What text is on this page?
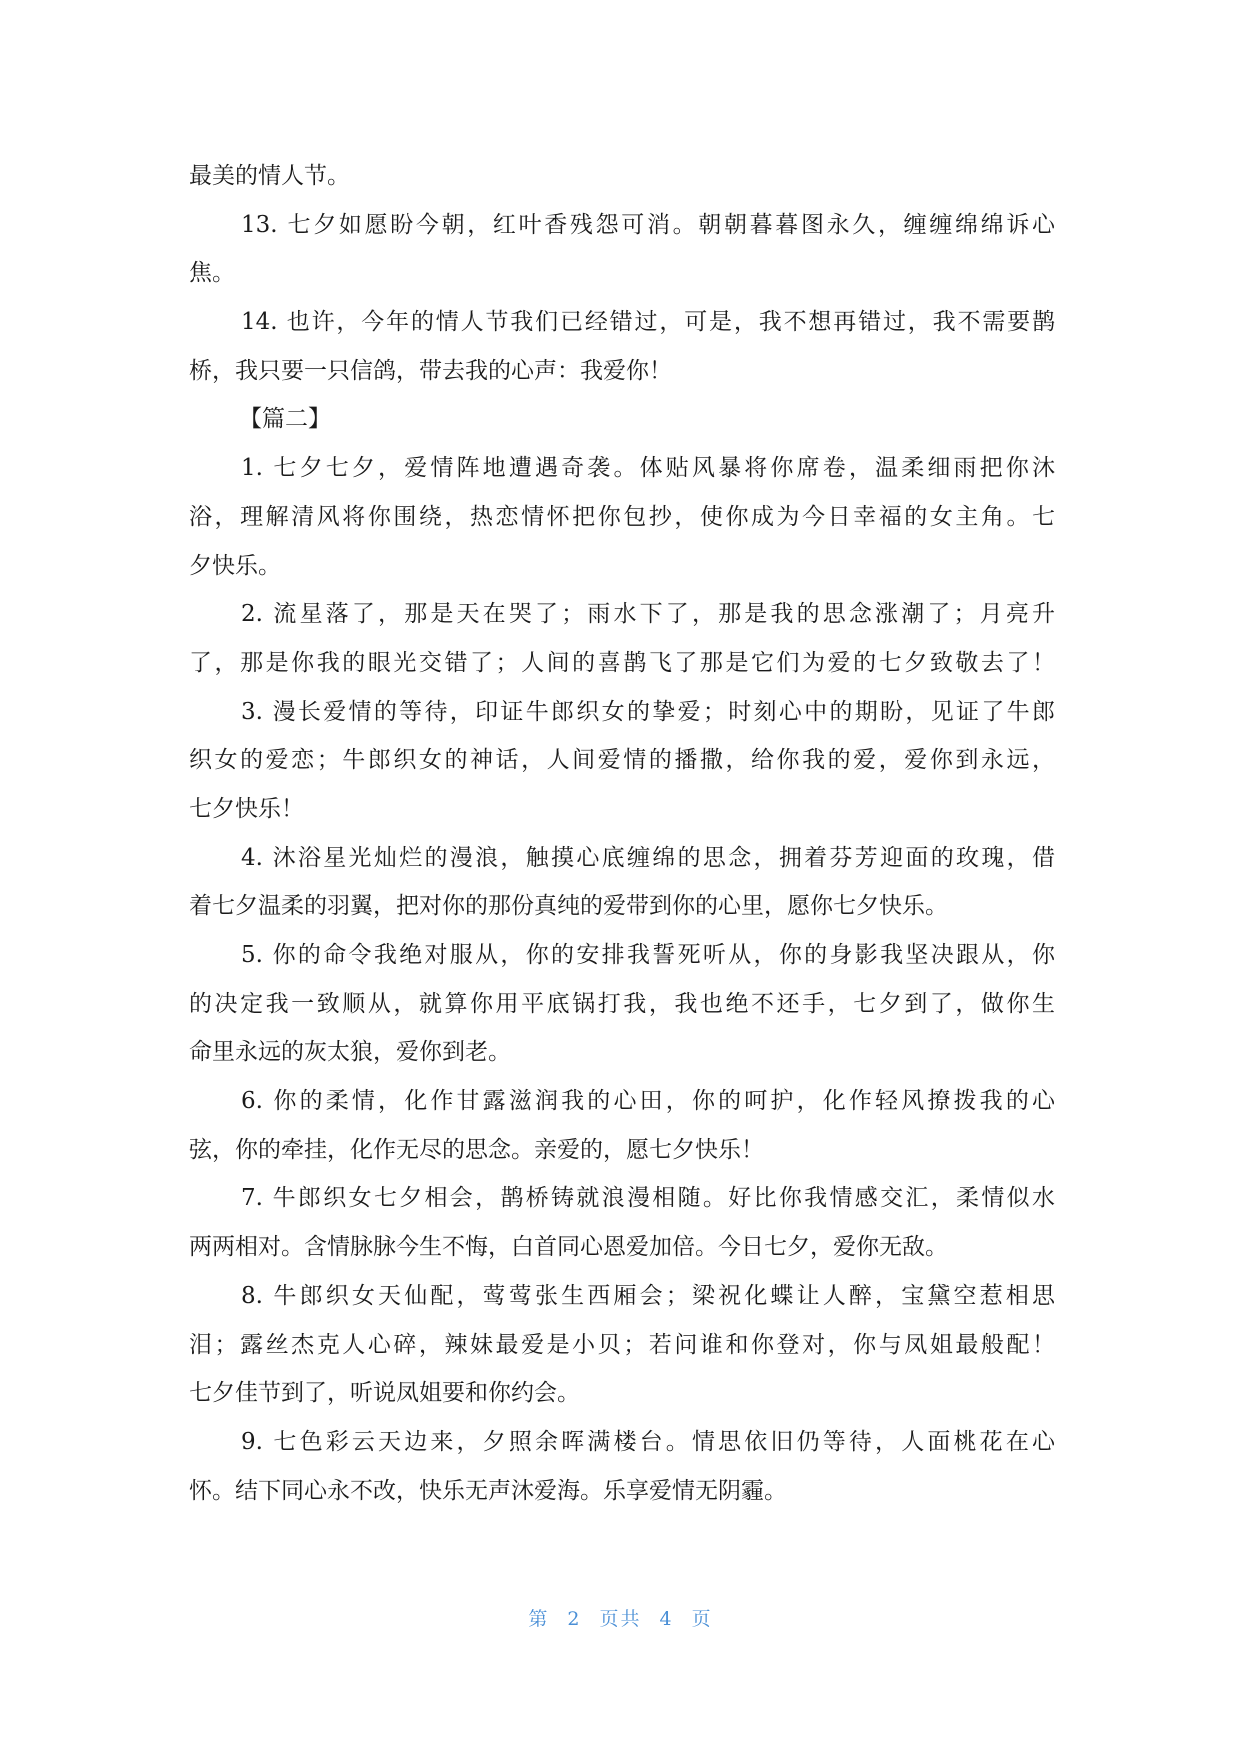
最美的情人节。
13. 七夕如愿盼今朝，红叶香残怨可消。朝朝暮暮图永久，缠缠绵绵诉心
焦。
14. 也许，今年的情人节我们已经错过，可是，我不想再错过，我不需要鹊
桥，我只要一只信鸽，带去我的心声：我爱你！
【篇二】
1. 七夕七夕，爱情阵地遭遇奇袭。体贴风暴将你席卷，温柔细雨把你沐
浴，理解清风将你围绕，热恋情怀把你包抄，使你成为今日幸福的女主角。七
夕快乐。
2. 流星落了，那是天在哭了；雨水下了，那是我的思念涨潮了；月亮升
了，那是你我的眼光交错了；人间的喜鹊飞了那是它们为爱的七夕致敬去了！
3. 漫长爱情的等待，印证牛郎织女的挚爱；时刻心中的期盼，见证了牛郎
织女的爱恋；牛郎织女的神话，人间爱情的播撒，给你我的爱，爱你到永远，
七夕快乐！
4. 沐浴星光灿烂的漫浪，触摸心底缠绵的思念，拥着芬芳迎面的玫瑰，借
着七夕温柔的羽翼，把对你的那份真纯的爱带到你的心里，愿你七夕快乐。
5. 你的命令我绝对服从，你的安排我誓死听从，你的身影我坚决跟从，你
的决定我一致顺从，就算你用平底锅打我，我也绝不还手，七夕到了，做你生
命里永远的灰太狼，爱你到老。
6. 你的柔情，化作甘露滋润我的心田，你的呵护，化作轻风撩拨我的心
弦，你的牵挂，化作无尽的思念。亲爱的，愿七夕快乐！
7. 牛郎织女七夕相会，鹊桥铸就浪漫相随。好比你我情感交汇，柔情似水
两两相对。含情脉脉今生不悔，白首同心恩爱加倍。今日七夕，爱你无敌。
8. 牛郎织女天仙配，莺莺张生西厢会；梁祝化蝶让人醉，宝黛空惹相思
泪；露丝杰克人心碎，辣妹最爱是小贝；若问谁和你登对，你与凤姐最般配！
七夕佳节到了，听说凤姐要和你约会。
9. 七色彩云天边来，夕照余晖满楼台。情思依旧仍等待，人面桃花在心
怀。结下同心永不改，快乐无声沐爱海。乐享爱情无阴霾。
第 2 页共 4 页
